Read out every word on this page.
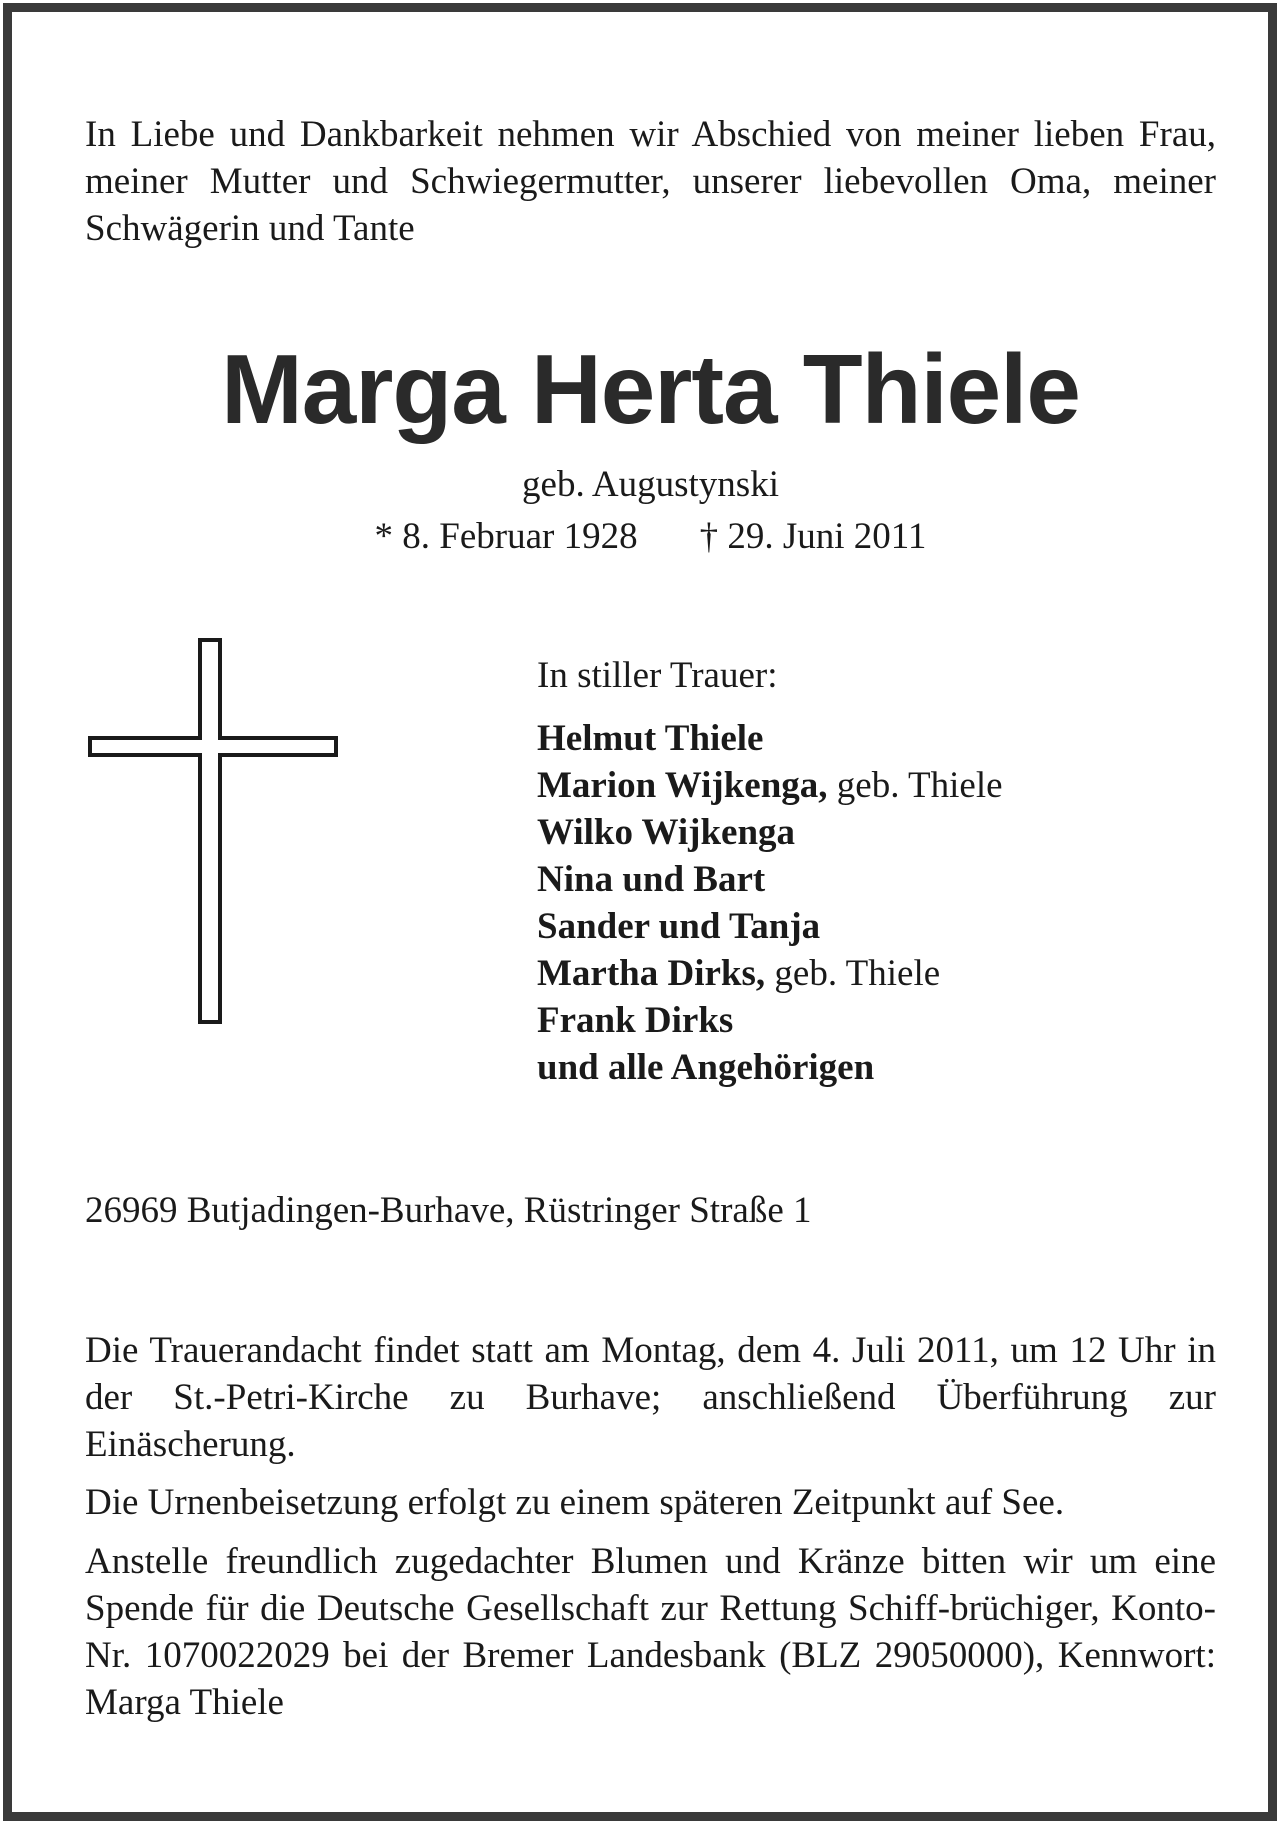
In Liebe und Dankbarkeit nehmen wir Abschied von meiner lieben Frau, meiner Mutter und Schwiegermutter, unserer liebevollen Oma, meiner Schwägerin und Tante

Marga Herta Thiele
geb. Augustynski
* 8. Februar 1928 † 29. Juni 2011
In stiller Trauer:
Helmut Thiele
Marion Wijkenga, geb. Thiele
Wilko Wijkenga
Nina und Bart
Sander und Tanja
Martha Dirks, geb. Thiele
Frank Dirks
und alle Angehörigen

26969 Butjadingen-Burhave, Rüstringer Straße 1

Die Trauerandacht findet statt am Montag, dem 4. Juli 2011, um 12 Uhr in der St.-Petri-Kirche zu Burhave; anschließend Überführung zur Einäscherung.

Die Urnenbeisetzung erfolgt zu einem späteren Zeitpunkt auf See.

Anstelle freundlich zugedachter Blumen und Kränze bitten wir um eine Spende für die Deutsche Gesellschaft zur Rettung Schiff-brüchiger, Konto-Nr. 1070022029 bei der Bremer Landesbank (BLZ 29050000), Kennwort: Marga Thiele
